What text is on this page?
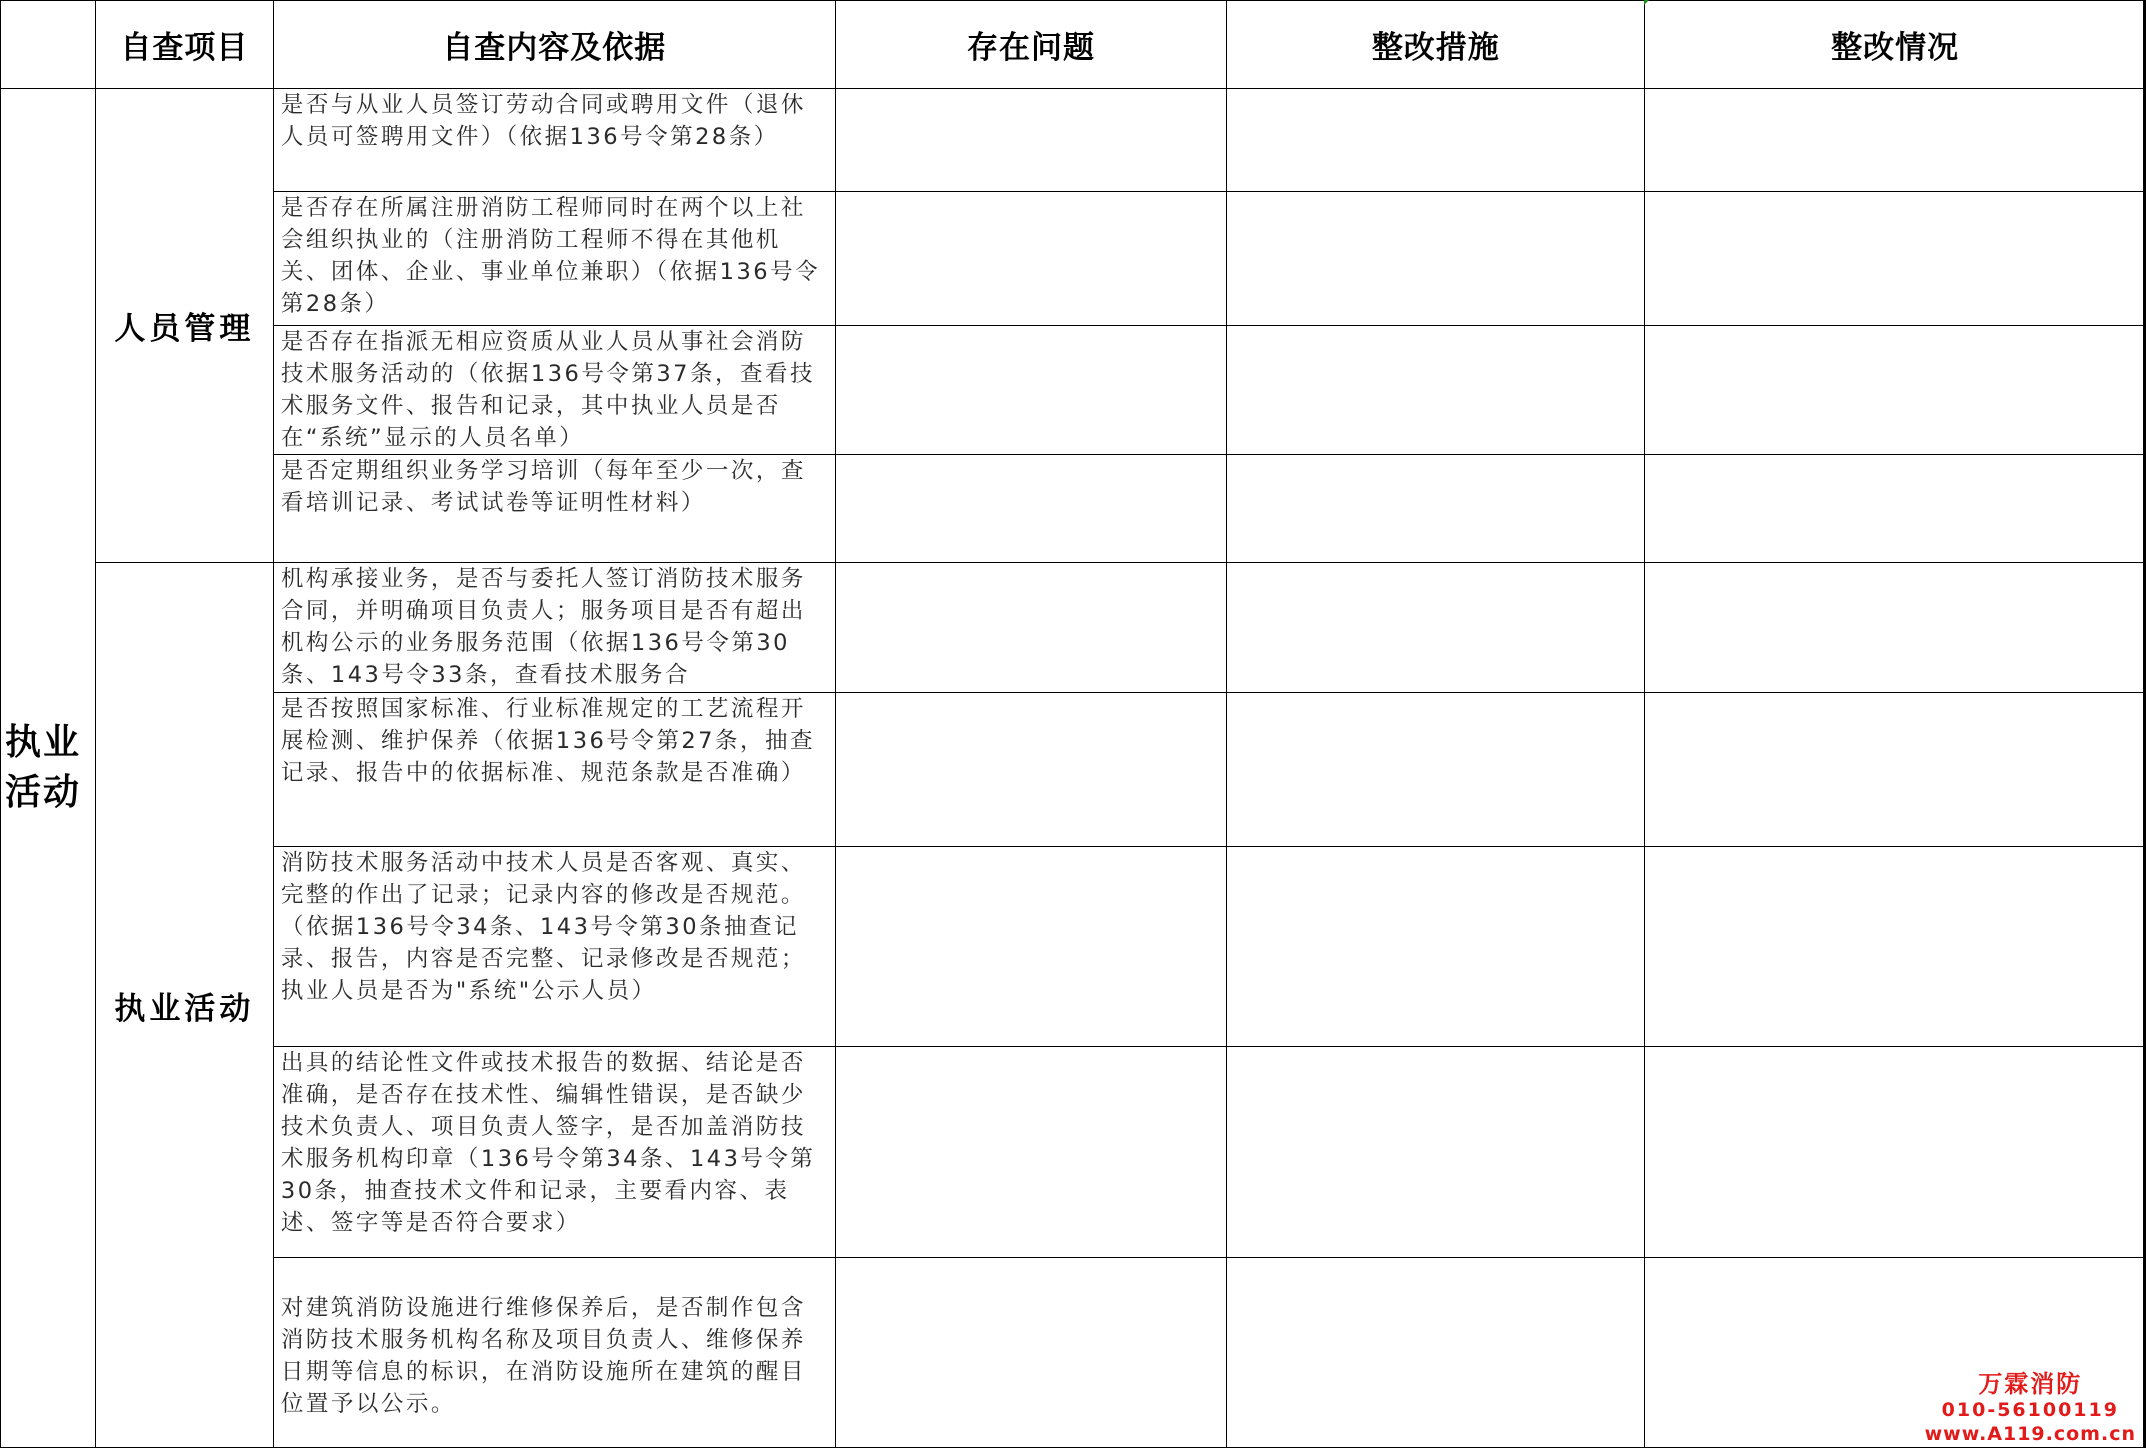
	自查项目	自查内容及依据	存在问题	整改措施	整改情况
执业活动	人员管理	是否与从业人员签订劳动合同或聘用文件（退休人员可签聘用文件）（依据136号令第28条）			
		是否存在所属注册消防工程师同时在两个以上社会组织执业的（注册消防工程师不得在其他机关、团体、企业、事业单位兼职）（依据136号令第28条）			
		是否存在指派无相应资质从业人员从事社会消防技术服务活动的（依据136号令第37条，查看技术服务文件、报告和记录，其中执业人员是否在“系统”显示的人员名单）			
		是否定期组织业务学习培训（每年至少一次，查看培训记录、考试试卷等证明性材料）			
	执业活动	机构承接业务，是否与委托人签订消防技术服务合同，并明确项目负责人；服务项目是否有超出机构公示的业务服务范围（依据136号令第30条、143号令33条，查看技术服务合			
		是否按照国家标准、行业标准规定的工艺流程开展检测、维护保养（依据136号令第27条，抽查记录、报告中的依据标准、规范条款是否准确）			
		消防技术服务活动中技术人员是否客观、真实、完整的作出了记录；记录内容的修改是否规范。（依据136号令34条、143号令第30条抽查记录、报告，内容是否完整、记录修改是否规范；执业人员是否为"系统"公示人员）			
		出具的结论性文件或技术报告的数据、结论是否准确，是否存在技术性、编辑性错误，是否缺少技术负责人、项目负责人签字，是否加盖消防技术服务机构印章（136号令第34条、143号令第30条，抽查技术文件和记录，主要看内容、表述、签字等是否符合要求）			
		对建筑消防设施进行维修保养后，是否制作包含消防技术服务机构名称及项目负责人、维修保养日期等信息的标识，在消防设施所在建筑的醒目位置予以公示。			
万霖消防
010-56100119
www.A119.com.cn
